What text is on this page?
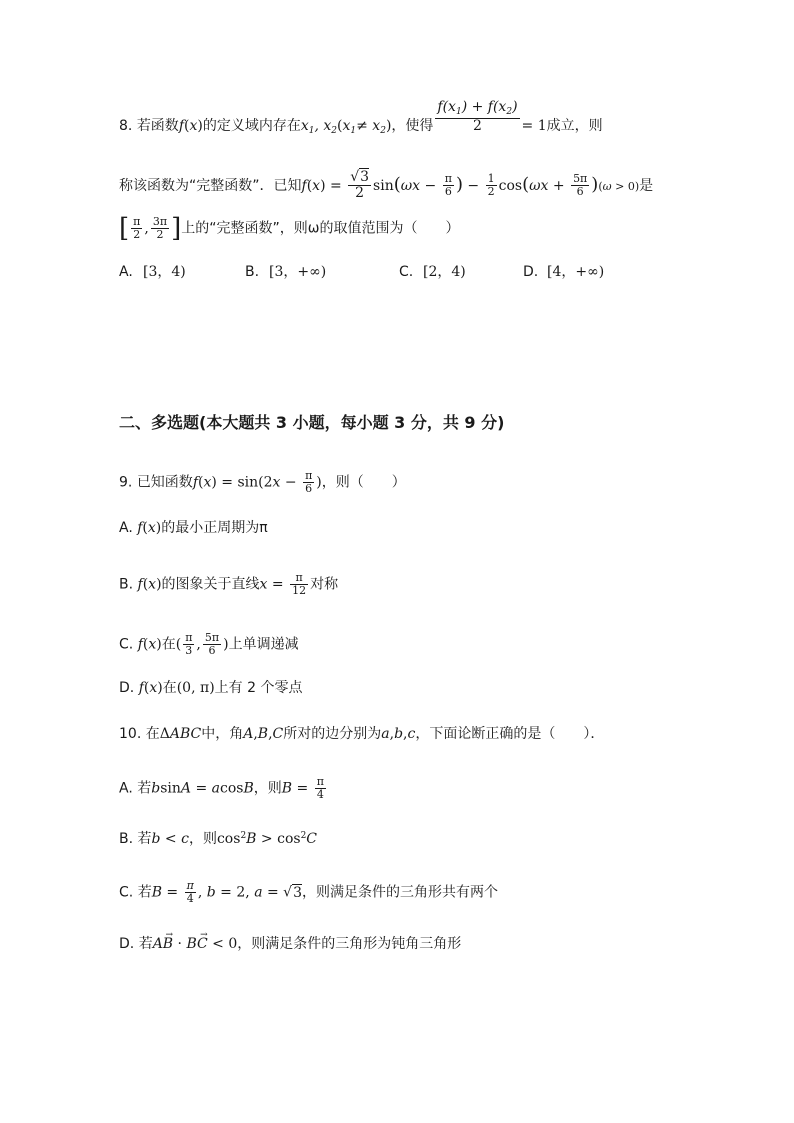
8. 若函数f(x)的定义域内存在$x_1$, $x_2(x_1\ne x_2)$，使得 $\frac{f(x_1) + f(x_2)}{2} = 1$成立，则
称该函数为“完整函数”．已知$f(x) = \frac{√3}{2} \sin(\omega x - \frac{\pi}{6}$ ) − $\frac{1}{2} \cos(\omega x + \frac{5\pi}{6} )(\omega > 0)$是
[ $\frac{\pi}{2}$ , $\frac{3\pi}{2}$ ]上的“完整函数”，则ω的取值范围为（　　）
A. [3，4)	B. [3，+∞)	C. [2，4)	D. [4，+∞)
二、多选题(本大题共 3 小题，每小题 3 分，共 9 分)
9. 已知函数$f(x) = \sin(2x - \frac{\pi}{6}$ )，则（　　）
A. f(x)的最小正周期为π
B. f(x)的图象关于直线$x = \frac{\pi}{12}$ 对称
C. f(x)在( $\frac{\pi}{3}$ , $\frac{5\pi}{6}$ )上单调递减
D. f(x)在(0, π)上有 2 个零点
10. 在ΔABC中，角A,B,C所对的边分别为a,b,c，下面论断正确的是（　　）．
A. 若bsinA = acosB，则$B = \frac{\pi}{4}$
B. 若b < c，则$\cos^2B > \cos^2C$
C. 若$B = \frac{\pi}{4}$ , b = 2, a = √3，则满足条件的三角形共有两个
D. 若→ AB · → BC < 0，则满足条件的三角形为钝角三角形
